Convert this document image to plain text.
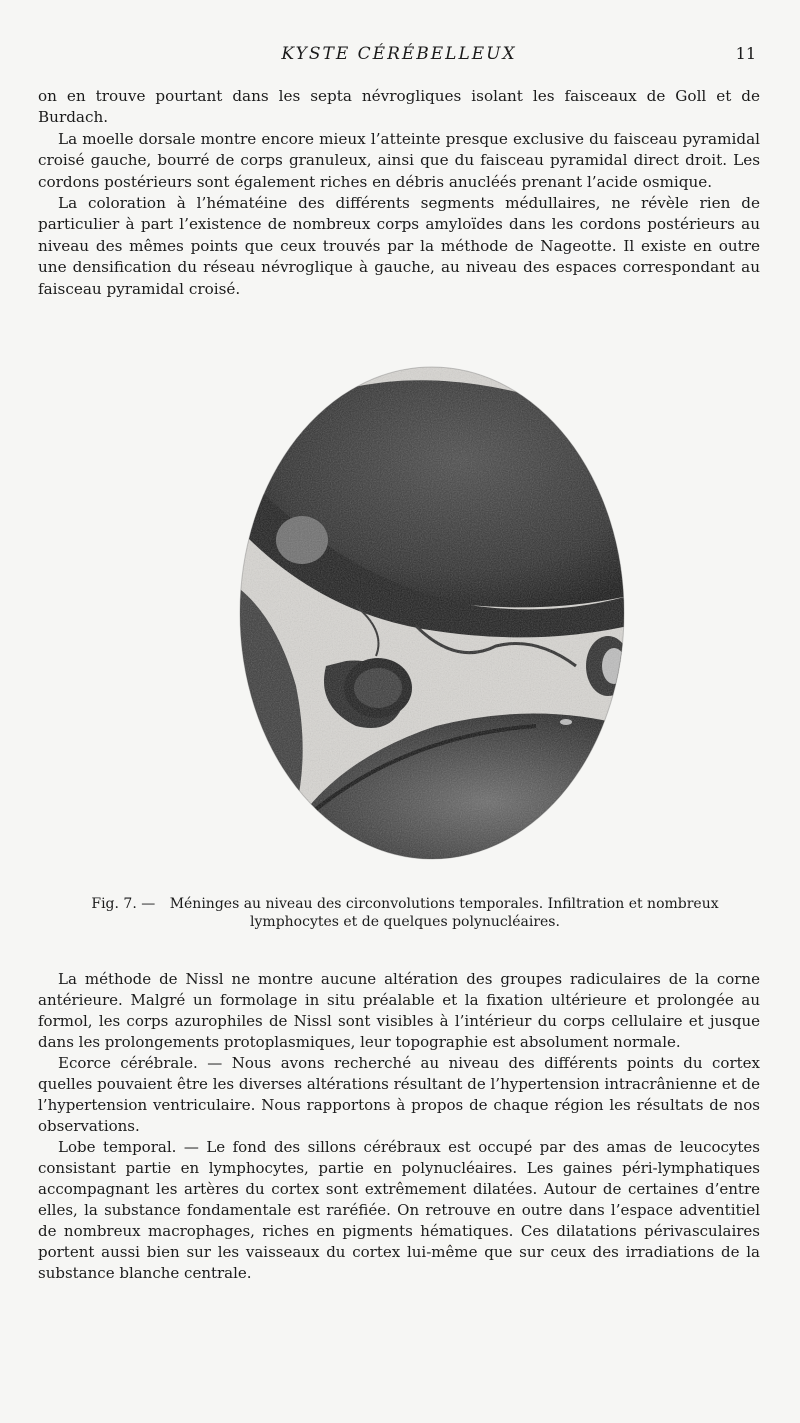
KYSTE CÉRÉBELLEUX	11

on en trouve pourtant dans les septa névrogliques isolant les faisceaux de Goll et de Burdach.

La moelle dorsale montre encore mieux l’atteinte presque exclusive du faisceau pyramidal croisé gauche, bourré de corps granuleux, ainsi que du faisceau pyramidal direct droit. Les cordons postérieurs sont également riches en débris anucléés prenant l’acide osmique.

La coloration à l’hématéine des différents segments médullaires, ne révèle rien de particulier à part l’existence de nombreux corps amyloïdes dans les cordons postérieurs au niveau des mêmes points que ceux trouvés par la méthode de Nageotte. Il existe en outre une densification du réseau névroglique à gauche, au niveau des espaces correspondant au faisceau pyramidal croisé.

Fig. 7. — Méninges au niveau des circonvolutions temporales. Infiltration et nombreux lymphocytes et de quelques polynucléaires.

La méthode de Nissl ne montre aucune altération des groupes radiculaires de la corne antérieure. Malgré un formolage in situ préalable et la fixation ultérieure et prolongée au formol, les corps azurophiles de Nissl sont visibles à l’intérieur du corps cellulaire et jusque dans les prolongements protoplasmiques, leur topographie est absolument normale.

Ecorce cérébrale. — Nous avons recherché au niveau des différents points du cortex quelles pouvaient être les diverses altérations résultant de l’hypertension intracrânienne et de l’hypertension ventriculaire. Nous rapportons à propos de chaque région les résultats de nos observations.

Lobe temporal. — Le fond des sillons cérébraux est occupé par des amas de leucocytes consistant partie en lymphocytes, partie en polynucléaires. Les gaines péri-lymphatiques accompagnant les artères du cortex sont extrêmement dilatées. Autour de certaines d’entre elles, la substance fondamentale est raréfiée. On retrouve en outre dans l’espace adventitiel de nombreux macrophages, riches en pigments hématiques. Ces dilatations périvasculaires portent aussi bien sur les vaisseaux du cortex lui-même que sur ceux des irradiations de la substance blanche centrale.
